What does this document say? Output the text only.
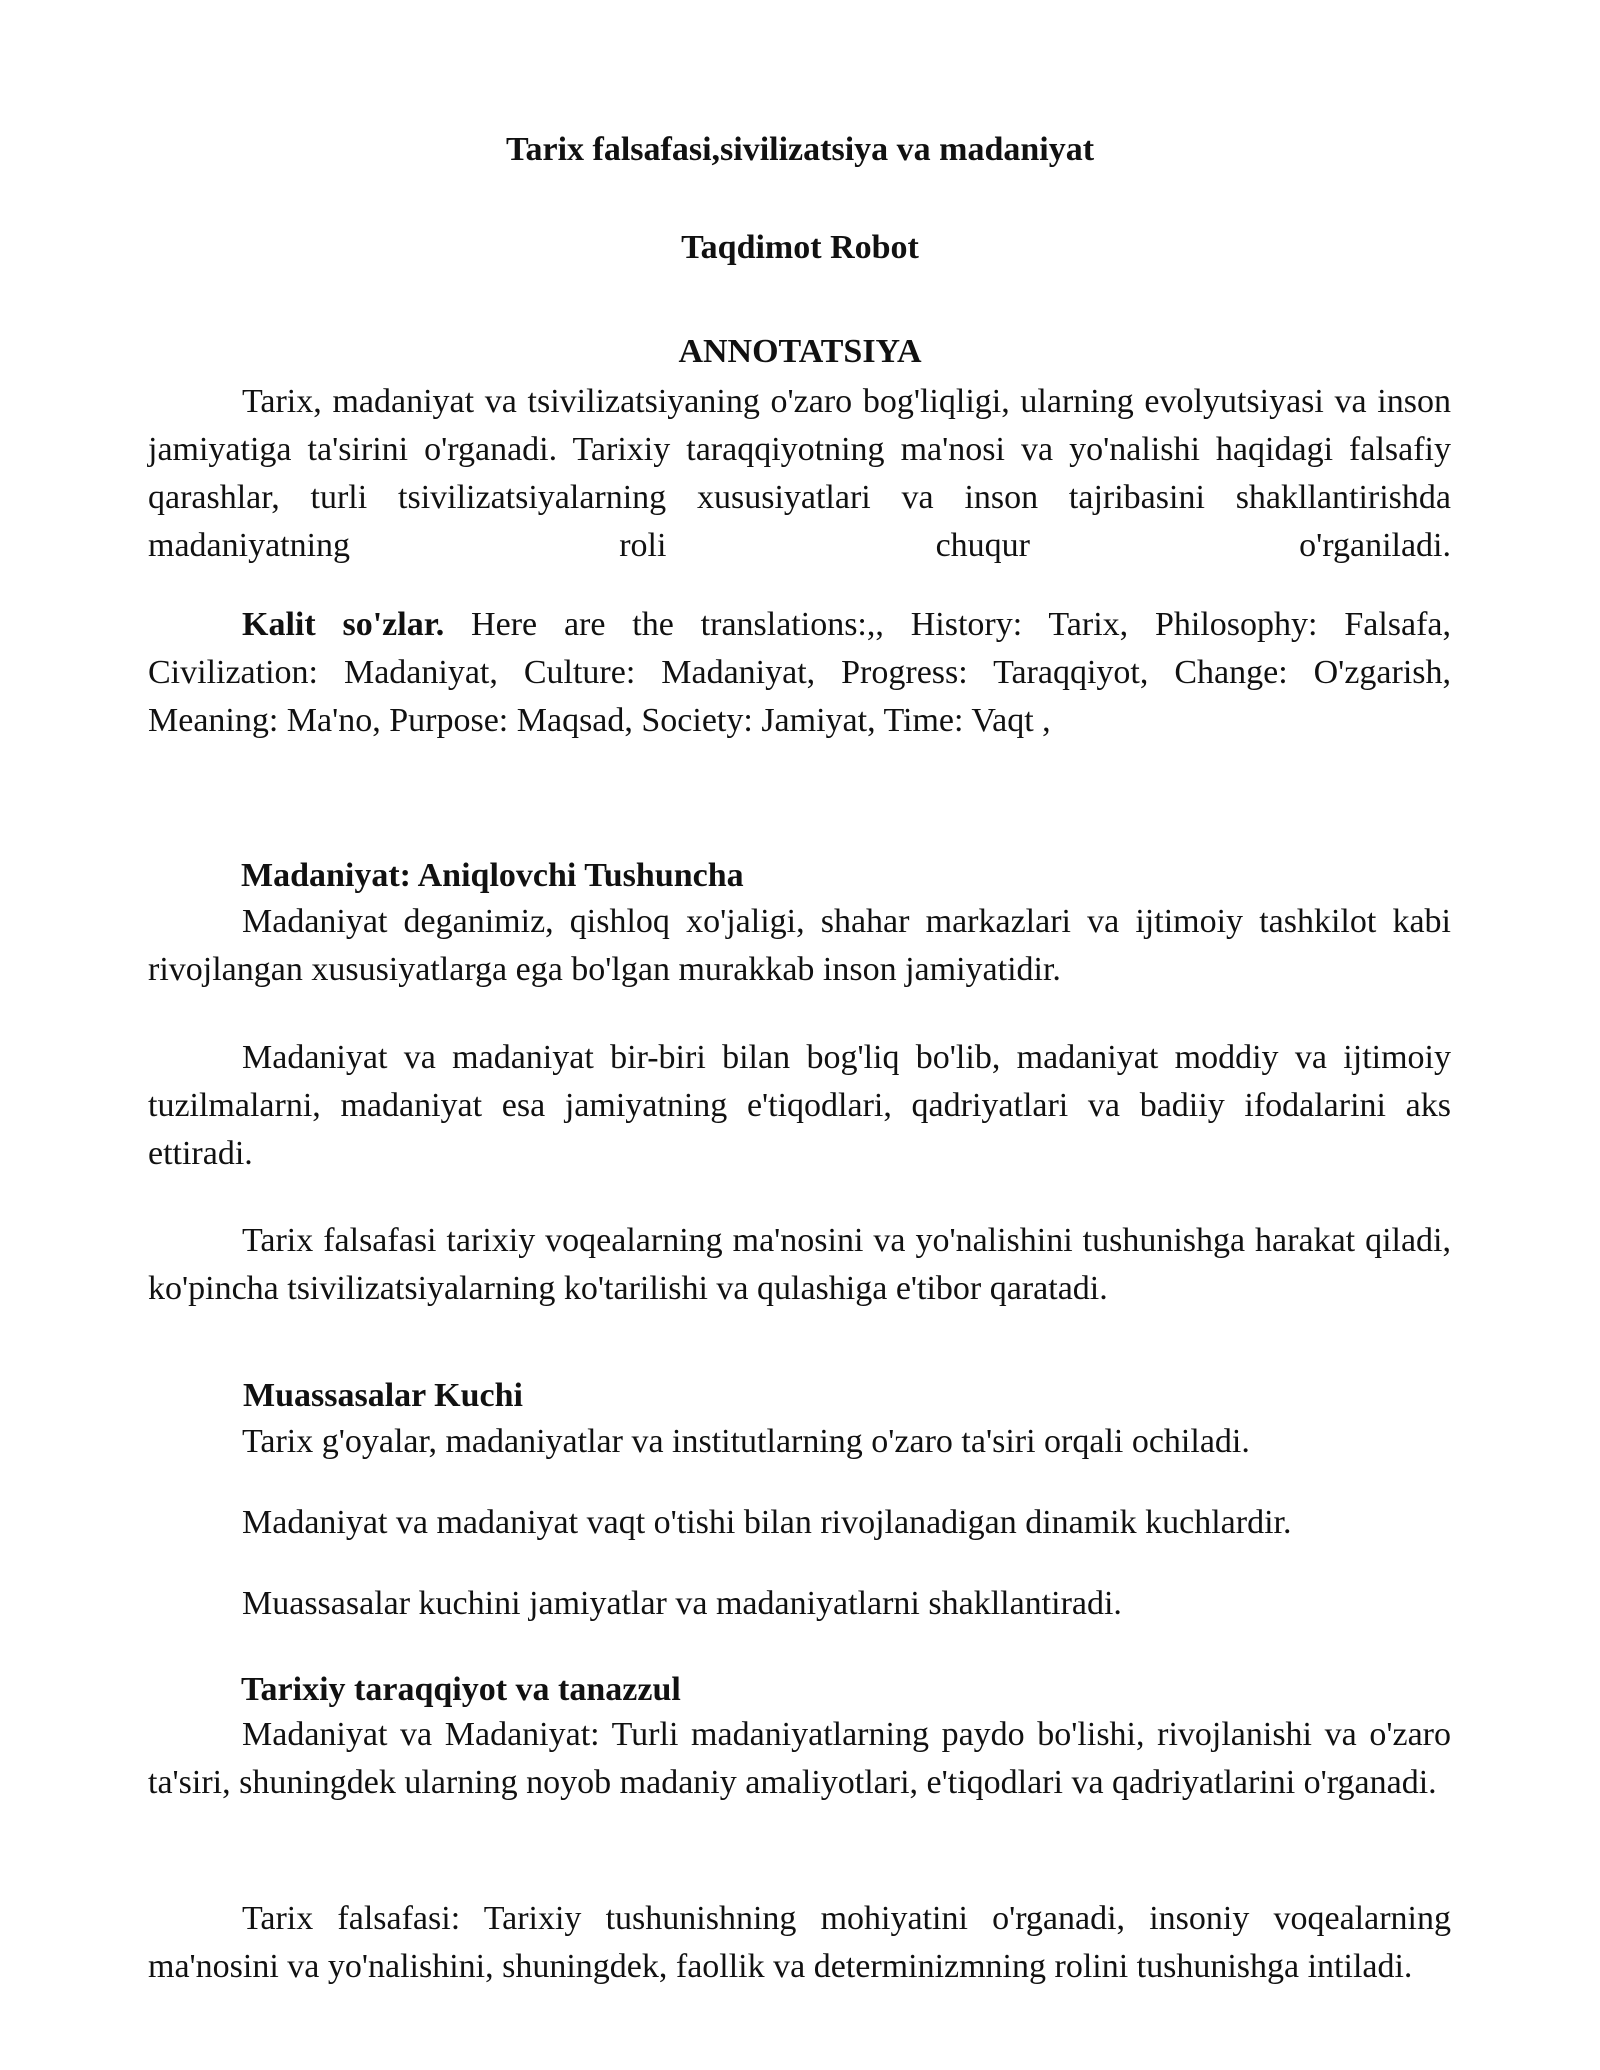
Tarix falsafasi,sivilizatsiya va madaniyat

Taqdimot Robot

ANNOTATSIYA

Tarix, madaniyat va tsivilizatsiyaning o'zaro bog'liqligi, ularning evolyutsiyasi va inson jamiyatiga ta'sirini o'rganadi. Tarixiy taraqqiyotning ma'nosi va yo'nalishi haqidagi falsafiy qarashlar, turli tsivilizatsiyalarning xususiyatlari va inson tajribasini shakllantirishda madaniyatning roli chuqur o'rganiladi.

Kalit so'zlar. Here are the translations:,, History: Tarix, Philosophy: Falsafa, Civilization: Madaniyat, Culture: Madaniyat, Progress: Taraqqiyot, Change: O'zgarish, Meaning: Ma'no, Purpose: Maqsad, Society: Jamiyat, Time: Vaqt ,

Madaniyat: Aniqlovchi Tushuncha

Madaniyat deganimiz, qishloq xo'jaligi, shahar markazlari va ijtimoiy tashkilot kabi rivojlangan xususiyatlarga ega bo'lgan murakkab inson jamiyatidir.

Madaniyat va madaniyat bir-biri bilan bog'liq bo'lib, madaniyat moddiy va ijtimoiy tuzilmalarni, madaniyat esa jamiyatning e'tiqodlari, qadriyatlari va badiiy ifodalarini aks ettiradi.

Tarix falsafasi tarixiy voqealarning ma'nosini va yo'nalishini tushunishga harakat qiladi, ko'pincha tsivilizatsiyalarning ko'tarilishi va qulashiga e'tibor qaratadi.

Muassasalar Kuchi

Tarix g'oyalar, madaniyatlar va institutlarning o'zaro ta'siri orqali ochiladi.

Madaniyat va madaniyat vaqt o'tishi bilan rivojlanadigan dinamik kuchlardir.

Muassasalar kuchini jamiyatlar va madaniyatlarni shakllantiradi.

Tarixiy taraqqiyot va tanazzul

Madaniyat va Madaniyat: Turli madaniyatlarning paydo bo'lishi, rivojlanishi va o'zaro ta'siri, shuningdek ularning noyob madaniy amaliyotlari, e'tiqodlari va qadriyatlarini o'rganadi.

Tarix falsafasi: Tarixiy tushunishning mohiyatini o'rganadi, insoniy voqealarning ma'nosini va yo'nalishini, shuningdek, faollik va determinizmning rolini tushunishga intiladi.
